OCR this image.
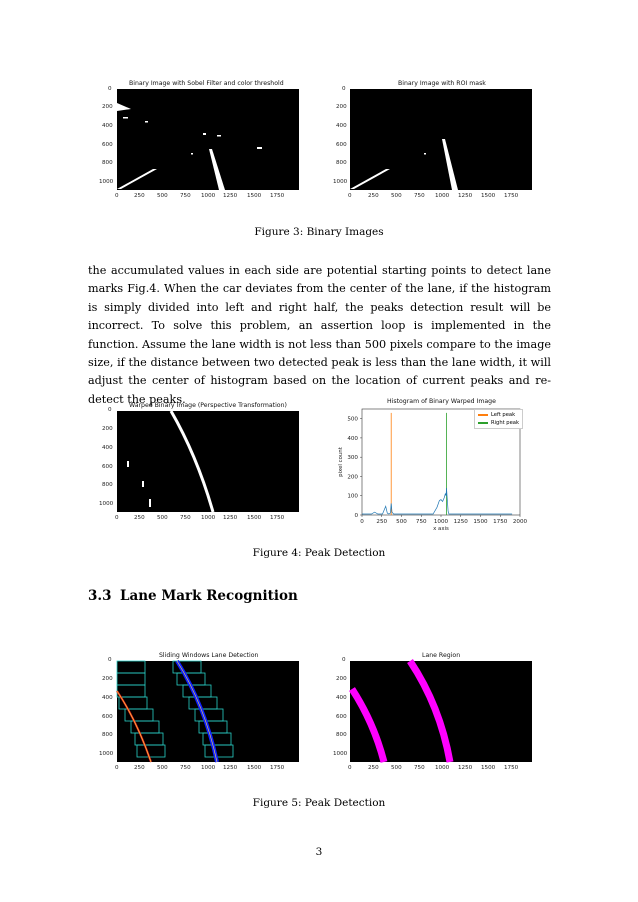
Binary Image with Sobel Filter and color threshold
0
200
400
600
800
1000
0	250 500 750 1000 1250 1500 1750
Binary Image with ROI mask
0
200
400
600
800
1000
0	250 500 750 1000 1250 1500 1750
Figure 3: Binary Images
the accumulated values in each side are potential starting points to detect lane marks Fig.4. When the car deviates from the center of the lane, if the histogram is simply divided into left and right half, the peaks detection result will be incorrect. To solve this problem, an assertion loop is implemented in the function. Assume the lane width is not less than 500 pixels compare to the image size, if the distance between two detected peak is less than the lane width, it will adjust the center of histogram based on the location of current peaks and re-detect the peaks.
Warped Binary Image (Perspective Transformation)
0
200
400
600
800
1000
0	250 500 750 1000 1250 1500 1750
Histogram of Binary Warped Image
0 250 500 750 1000 1250 1500 1750 2000
0
100
200
300
400
500
x axis
pixel count
Left peak
Right peak
Figure 4: Peak Detection
3.3 Lane Mark Recognition
Sliding Windows Lane Detection
0
200
400
600
800
1000
0	250 500 750 1000 1250 1500 1750
Lane Region
0
200
400
600
800
1000
0	250 500 750 1000 1250 1500 1750
Figure 5: Peak Detection
3
